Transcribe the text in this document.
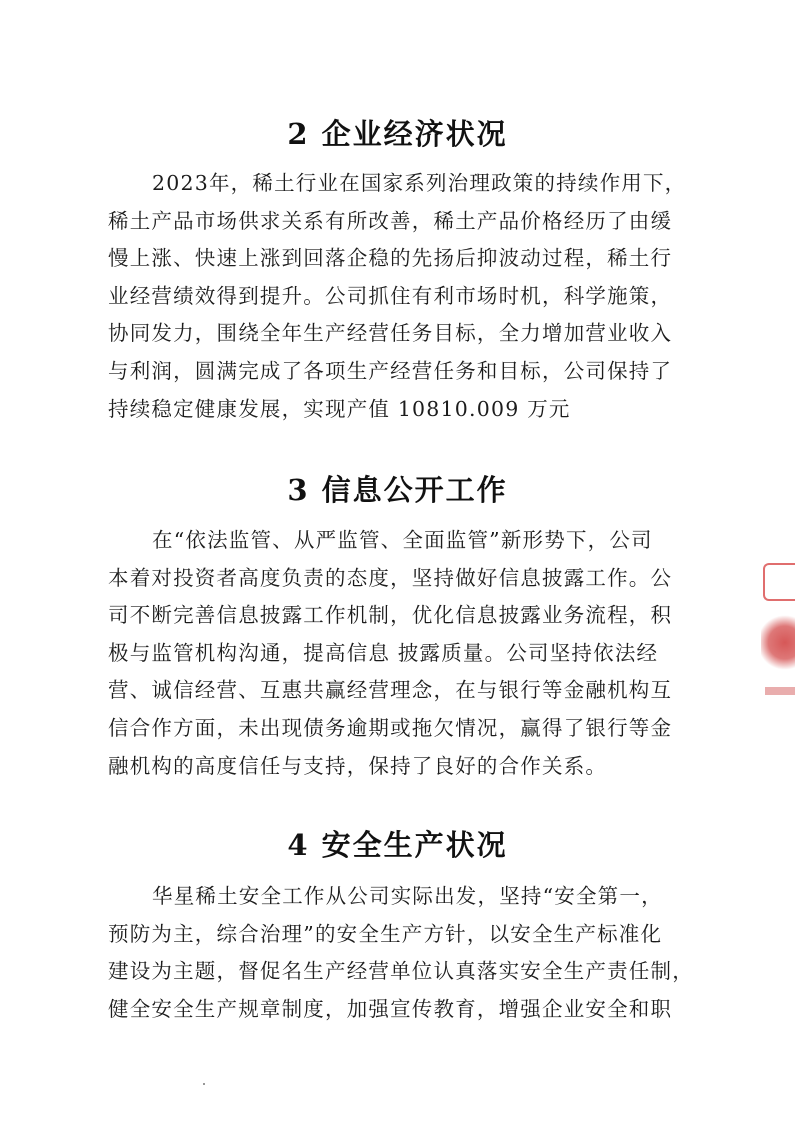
2 企业经济状况
2023年，稀土行业在国家系列治理政策的持续作用下，
稀土产品市场供求关系有所改善，稀土产品价格经历了由缓
慢上涨、快速上涨到回落企稳的先扬后抑波动过程，稀土行
业经营绩效得到提升。公司抓住有利市场时机，科学施策，
协同发力，围绕全年生产经营任务目标，全力增加营业收入
与利润，圆满完成了各项生产经营任务和目标，公司保持了
持续稳定健康发展，实现产值 10810.009 万元
3 信息公开工作
在“依法监管、从严监管、全面监管”新形势下，公司
本着对投资者高度负责的态度，坚持做好信息披露工作。公
司不断完善信息披露工作机制，优化信息披露业务流程，积
极与监管机构沟通，提高信息 披露质量。公司坚持依法经
营、诚信经营、互惠共赢经营理念，在与银行等金融机构互
信合作方面，未出现债务逾期或拖欠情况，赢得了银行等金
融机构的高度信任与支持，保持了良好的合作关系。
4 安全生产状况
华星稀土安全工作从公司实际出发，坚持“安全第一，
预防为主，综合治理”的安全生产方针，以安全生产标准化
建设为主题，督促名生产经营单位认真落实安全生产责任制，
健全安全生产规章制度，加强宣传教育，增强企业安全和职
